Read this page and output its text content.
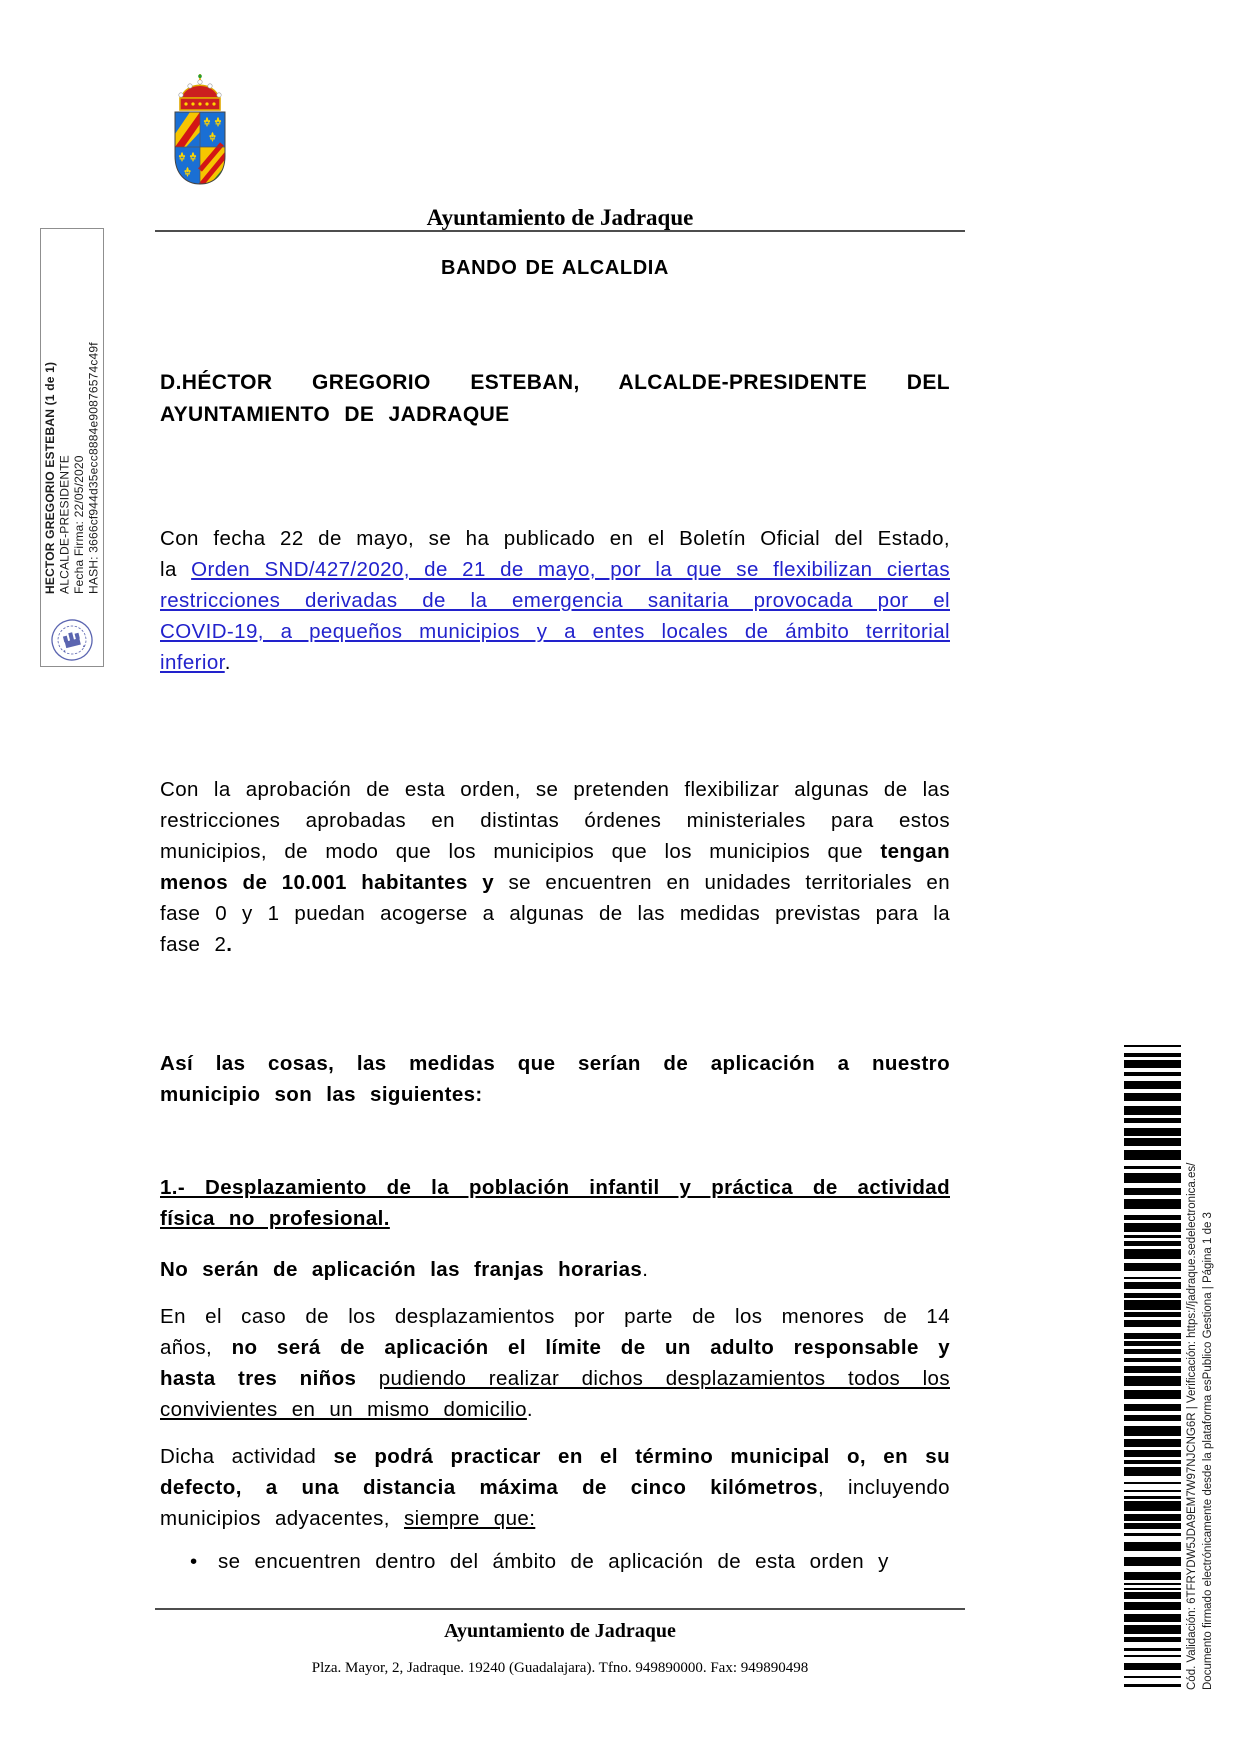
HECTOR GREGORIO ESTEBAN (1 de 1) ALCALDE-PRESIDENTE Fecha Firma: 22/05/2020 HASH: 3666cf944d35ecc8884e90876574c49f
Ayuntamiento de Jadraque
BANDO DE ALCALDIA

D.HÉCTOR GREGORIO ESTEBAN, ALCALDE-PRESIDENTE DEL
AYUNTAMIENTO DE JADRAQUE

Con fecha 22 de mayo, se ha publicado en el Boletín Oficial del Estado, la Orden SND/427/2020, de 21 de mayo, por la que se flexibilizan ciertas restricciones derivadas de la emergencia sanitaria provocada por el COVID-19, a pequeños municipios y a entes locales de ámbito territorial inferior.

Con la aprobación de esta orden, se pretenden flexibilizar algunas de las restricciones aprobadas en distintas órdenes ministeriales para estos municipios, de modo que los municipios que los municipios que tengan menos de 10.001 habitantes y se encuentren en unidades territoriales en fase 0 y 1 puedan acogerse a algunas de las medidas previstas para la fase 2.

Así las cosas, las medidas que serían de aplicación a nuestro municipio son las siguientes:

1.- Desplazamiento de la población infantil y práctica de actividad física no profesional.

No serán de aplicación las franjas horarias.

En el caso de los desplazamientos por parte de los menores de 14 años, no será de aplicación el límite de un adulto responsable y hasta tres niños pudiendo realizar dichos desplazamientos todos los convivientes en un mismo domicilio.

Dicha actividad se podrá practicar en el término municipal o, en su defecto, a una distancia máxima de cinco kilómetros, incluyendo municipios adyacentes, siempre que:

• se encuentren dentro del ámbito de aplicación de esta orden y

Ayuntamiento de Jadraque
Plza. Mayor, 2, Jadraque. 19240 (Guadalajara). Tfno. 949890000. Fax: 949890498	Cód. Validación: 6TFRYDW5JDA9EM7W97NJCNG6R | Verificación: https://jadraque.sedelectronica.es/ Documento firmado electrónicamente desde la plataforma esPublico Gestiona | Página 1 de 3
